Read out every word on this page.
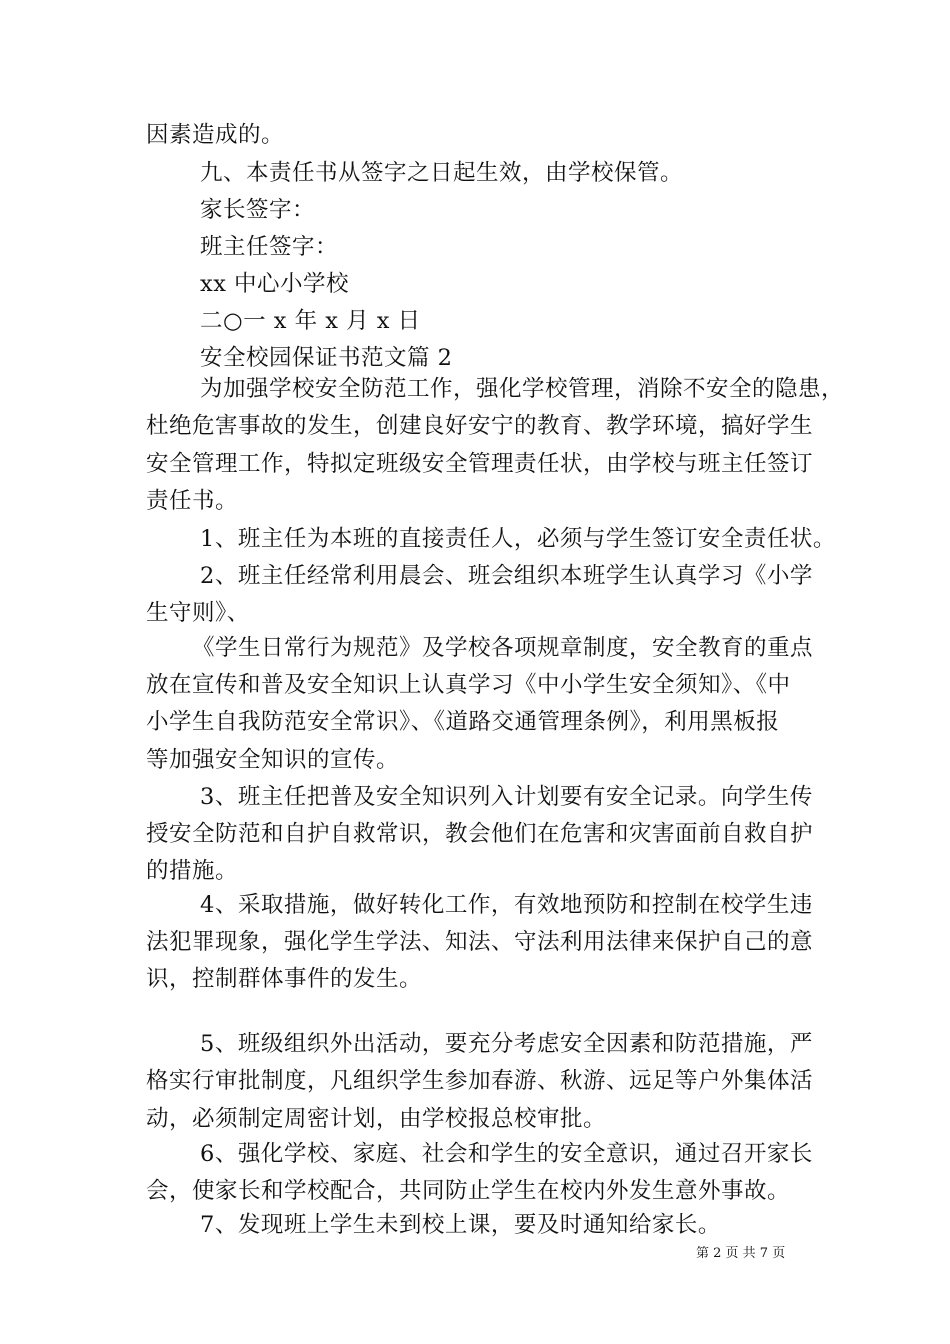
因素造成的。
九、本责任书从签字之日起生效，由学校保管。
家长签字：
班主任签字：
xx 中心小学校
二○一 x 年 x 月 x 日
安全校园保证书范文篇 2
为加强学校安全防范工作，强化学校管理，消除不安全的隐患，
杜绝危害事故的发生，创建良好安宁的教育、教学环境，搞好学生
安全管理工作，特拟定班级安全管理责任状，由学校与班主任签订
责任书。
1、班主任为本班的直接责任人，必须与学生签订安全责任状。
2、班主任经常利用晨会、班会组织本班学生认真学习《小学
生守则》、
《学生日常行为规范》及学校各项规章制度，安全教育的重点
放在宣传和普及安全知识上认真学习《中小学生安全须知》、《中
小学生自我防范安全常识》、《道路交通管理条例》，利用黑板报
等加强安全知识的宣传。
3、班主任把普及安全知识列入计划要有安全记录。向学生传
授安全防范和自护自救常识，教会他们在危害和灾害面前自救自护
的措施。
4、采取措施，做好转化工作，有效地预防和控制在校学生违
法犯罪现象，强化学生学法、知法、守法利用法律来保护自己的意
识，控制群体事件的发生。
5、班级组织外出活动，要充分考虑安全因素和防范措施，严
格实行审批制度，凡组织学生参加春游、秋游、远足等户外集体活
动，必须制定周密计划，由学校报总校审批。
6、强化学校、家庭、社会和学生的安全意识，通过召开家长
会，使家长和学校配合，共同防止学生在校内外发生意外事故。
7、发现班上学生未到校上课，要及时通知给家长。
第 2 页 共 7 页
